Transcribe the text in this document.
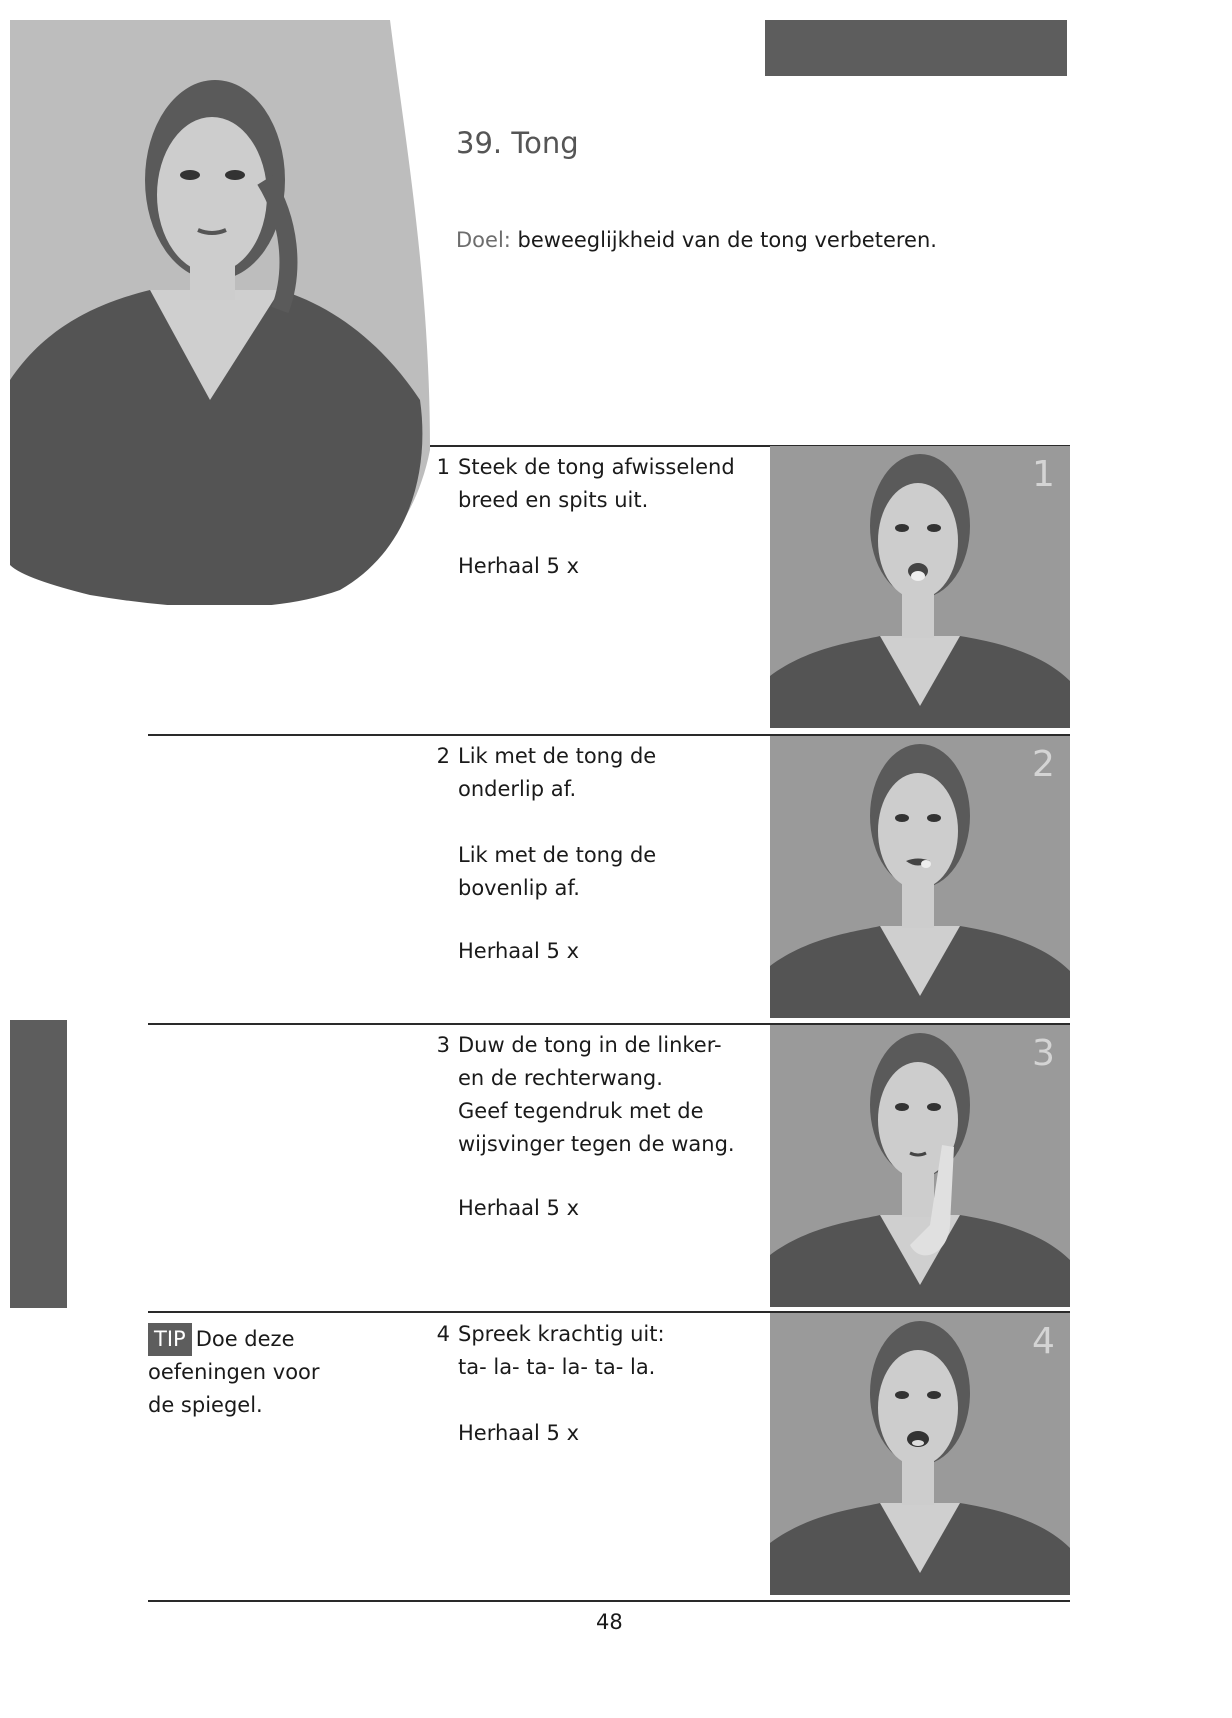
39. Tong
Doel: beweeglijkheid van de tong verbeteren.
1 Steek de tong afwisselend
breed en spits uit.
Herhaal 5 x
1
2 Lik met de tong de
onderlip af.

Lik met de tong de
bovenlip af.
Herhaal 5 x
2
3 Duw de tong in de linker-
en de rechterwang.
Geef tegendruk met de
wijsvinger tegen de wang.
Herhaal 5 x
3
4 Spreek krachtig uit:
ta- la- ta- la- ta- la.
Herhaal 5 x
4
TIP Doe deze
oefeningen voor
de spiegel.
48
